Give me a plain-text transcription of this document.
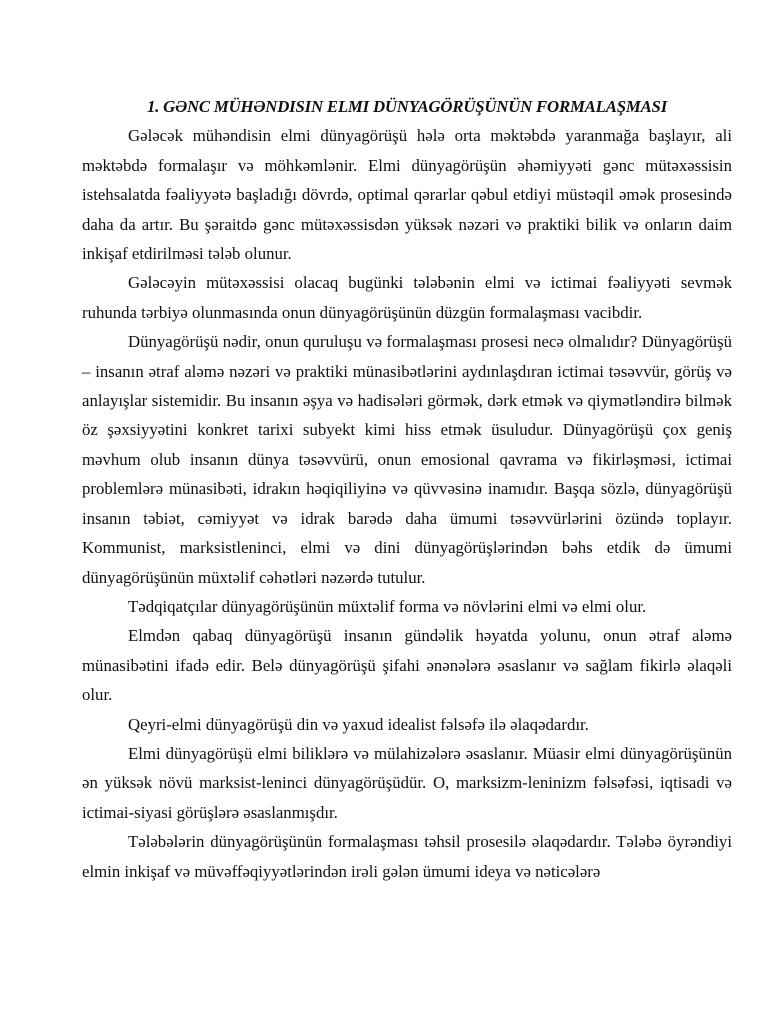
1. GƏNC MÜHƏNDISIN ELMI DÜNYAGÖRÜŞÜNÜN FORMALAŞMASI

Gələcək mühəndisin elmi dünyagörüşü hələ orta məktəbdə yaranmağa başlayır, ali məktəbdə formalaşır və möhkəmlənir. Elmi dünyagörüşün əhəmiyyəti gənc mütəxəssisin istehsalatda fəaliyyətə başladığı dövrdə, optimal qərarlar qəbul etdiyi müstəqil əmək prosesində daha da artır. Bu şəraitdə gənc mütəxəssisdən yüksək nəzəri və praktiki bilik və onların daim inkişaf etdirilməsi tələb olunur.

Gələcəyin mütəxəssisi olacaq bugünki tələbənin elmi və ictimai fəaliyyəti sevmək ruhunda tərbiyə olunmasında onun dünyagörüşünün düzgün formalaşması vacibdir.

Dünyagörüşü nədir, onun quruluşu və formalaşması prosesi necə olmalıdır? Dünyagörüşü – insanın ətraf aləmə nəzəri və praktiki münasibətlərini aydınlaşdıran ictimai təsəvvür, görüş və anlayışlar sistemidir. Bu insanın əşya və hadisələri görmək, dərk etmək və qiymətləndirə bilmək öz şəxsiyyətini konkret tarixi subyekt kimi hiss etmək üsuludur. Dünyagörüşü çox geniş məvhum olub insanın dünya təsəvvürü, onun emosional qavrama və fikirləşməsi, ictimai problemlərə münasibəti, idrakın həqiqiliyinə və qüvvəsinə inamıdır. Başqa sözlə, dünyagörüşü insanın təbiət, cəmiyyət və idrak barədə daha ümumi təsəvvürlərini özündə toplayır. Kommunist, marksistlenincі, elmi və dini dünyagörüşlərindən bəhs etdik də ümumi dünyagörüşünün müxtəlif cəhətləri nəzərdə tutulur.

Tədqiqatçılar dünyagörüşünün müxtəlif forma və növlərini elmi və elmi olur.

Elmdən qabaq dünyagörüşü insanın gündəlik həyatda yolunu, onun ətraf aləmə münasibətini ifadə edir. Belə dünyagörüşü şifahi ənənələrə əsaslanır və sağlam fikirlə əlaqəli olur.

Qeyri-elmi dünyagörüşü din və yaxud idealist fəlsəfə ilə əlaqədardır.

Elmi dünyagörüşü elmi biliklərə və mülahizələrə əsaslanır. Müasir elmi dünyagörüşünün ən yüksək növü marksist-leninci dünyagörüşüdür. O, marksizm-leninizm fəlsəfəsi, iqtisadi və ictimai-siyasi görüşlərə əsaslanmışdır.

Tələbələrin dünyagörüşünün formalaşması təhsil prosesilə əlaqədardır. Tələbə öyrəndiyi elmin inkişaf və müvəffəqiyyətlərindən irəli gələn ümumi ideya və nəticələrə
